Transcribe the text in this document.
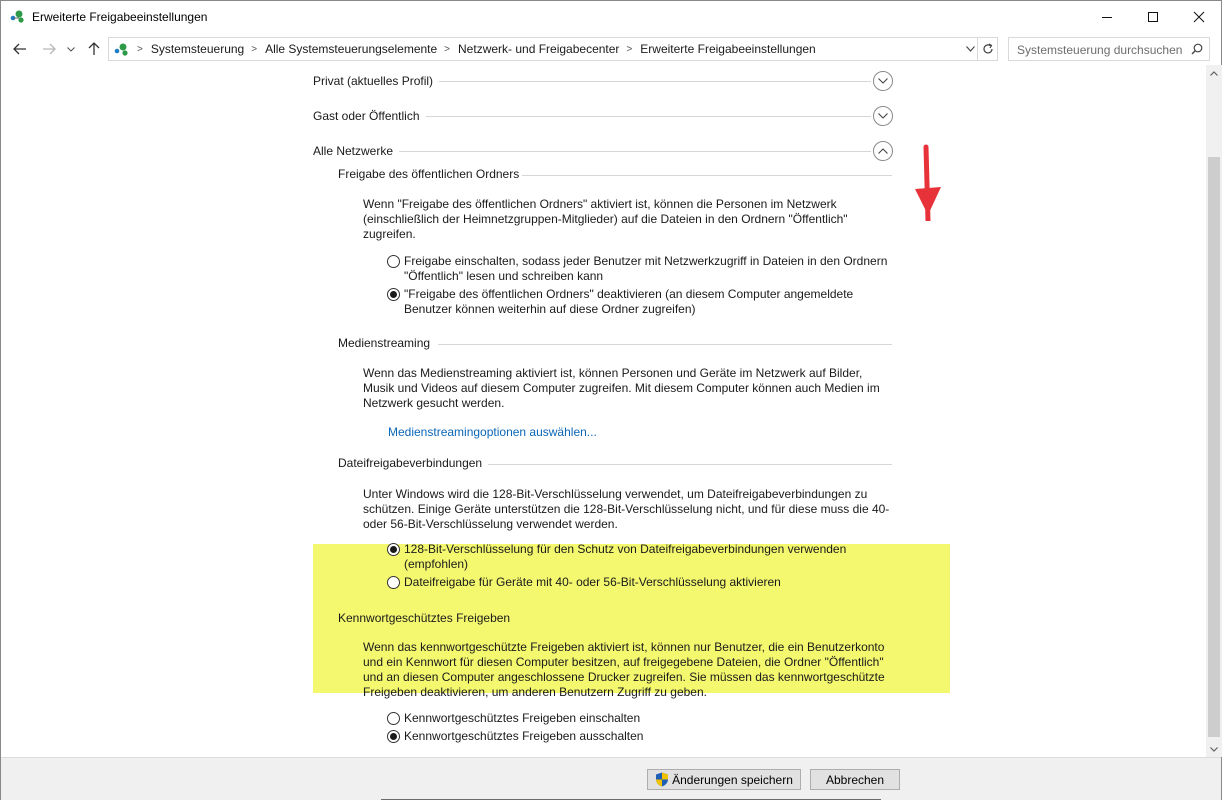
Erweiterte Freigabeeinstellungen
> Systemsteuerung > Alle Systemsteuerungselemente > Netzwerk- und Freigabecenter > Erweiterte Freigabeeinstellungen	Systemsteuerung durchsuchen
Privat (aktuelles Profil)
Gast oder Öffentlich
Alle Netzwerke
Freigabe des öffentlichen Ordners
Wenn "Freigabe des öffentlichen Ordners" aktiviert ist, können die Personen im Netzwerk (einschließlich der Heimnetzgruppen-Mitglieder) auf die Dateien in den Ordnern "Öffentlich" zugreifen.
Freigabe einschalten, sodass jeder Benutzer mit Netzwerkzugriff in Dateien in den Ordnern "Öffentlich" lesen und schreiben kann
"Freigabe des öffentlichen Ordners" deaktivieren (an diesem Computer angemeldete Benutzer können weiterhin auf diese Ordner zugreifen)
Medienstreaming
Wenn das Medienstreaming aktiviert ist, können Personen und Geräte im Netzwerk auf Bilder, Musik und Videos auf diesem Computer zugreifen. Mit diesem Computer können auch Medien im Netzwerk gesucht werden.
Medienstreamingoptionen auswählen...
Dateifreigabeverbindungen
Unter Windows wird die 128-Bit-Verschlüsselung verwendet, um Dateifreigabeverbindungen zu schützen. Einige Geräte unterstützen die 128-Bit-Verschlüsselung nicht, und für diese muss die 40- oder 56-Bit-Verschlüsselung verwendet werden.
128-Bit-Verschlüsselung für den Schutz von Dateifreigabeverbindungen verwenden (empfohlen)
Dateifreigabe für Geräte mit 40- oder 56-Bit-Verschlüsselung aktivieren
Kennwortgeschütztes Freigeben
Wenn das kennwortgeschützte Freigeben aktiviert ist, können nur Benutzer, die ein Benutzerkonto und ein Kennwort für diesen Computer besitzen, auf freigegebene Dateien, die Ordner "Öffentlich" und an diesen Computer angeschlossene Drucker zugreifen. Sie müssen das kennwortgeschützte Freigeben deaktivieren, um anderen Benutzern Zugriff zu geben.
Kennwortgeschütztes Freigeben einschalten
Kennwortgeschütztes Freigeben ausschalten
Änderungen speichern	Abbrechen
